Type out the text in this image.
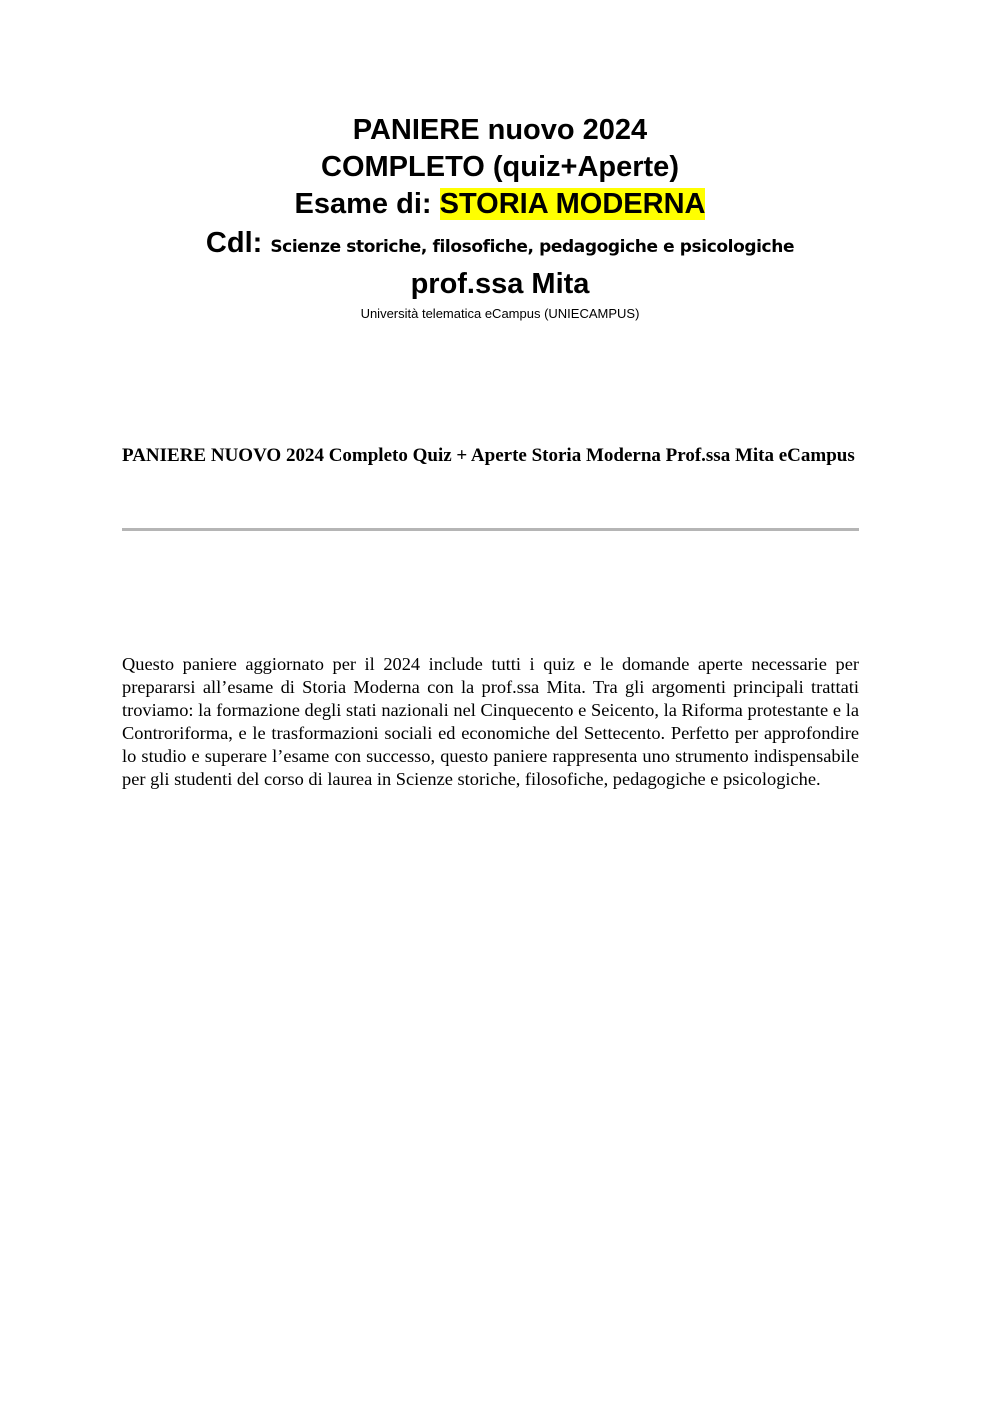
PANIERE nuovo 2024
COMPLETO (quiz+Aperte)
Esame di: STORIA MODERNA
Cdl: Scienze storiche, filosofiche, pedagogiche e psicologiche
prof.ssa Mita
Università telematica eCampus (UNIECAMPUS)
PANIERE NUOVO 2024 Completo Quiz + Aperte Storia Moderna Prof.ssa Mita eCampus

Questo paniere aggiornato per il 2024 include tutti i quiz e le domande aperte necessarie per prepararsi all’esame di Storia Moderna con la prof.ssa Mita. Tra gli argomenti principali trattati troviamo: la formazione degli stati nazionali nel Cinquecento e Seicento, la Riforma protestante e la Controriforma, e le trasformazioni sociali ed economiche del Settecento. Perfetto per approfondire lo studio e superare l’esame con successo, questo paniere rappresenta uno strumento indispensabile per gli studenti del corso di laurea in Scienze storiche, filosofiche, pedagogiche e psicologiche.
